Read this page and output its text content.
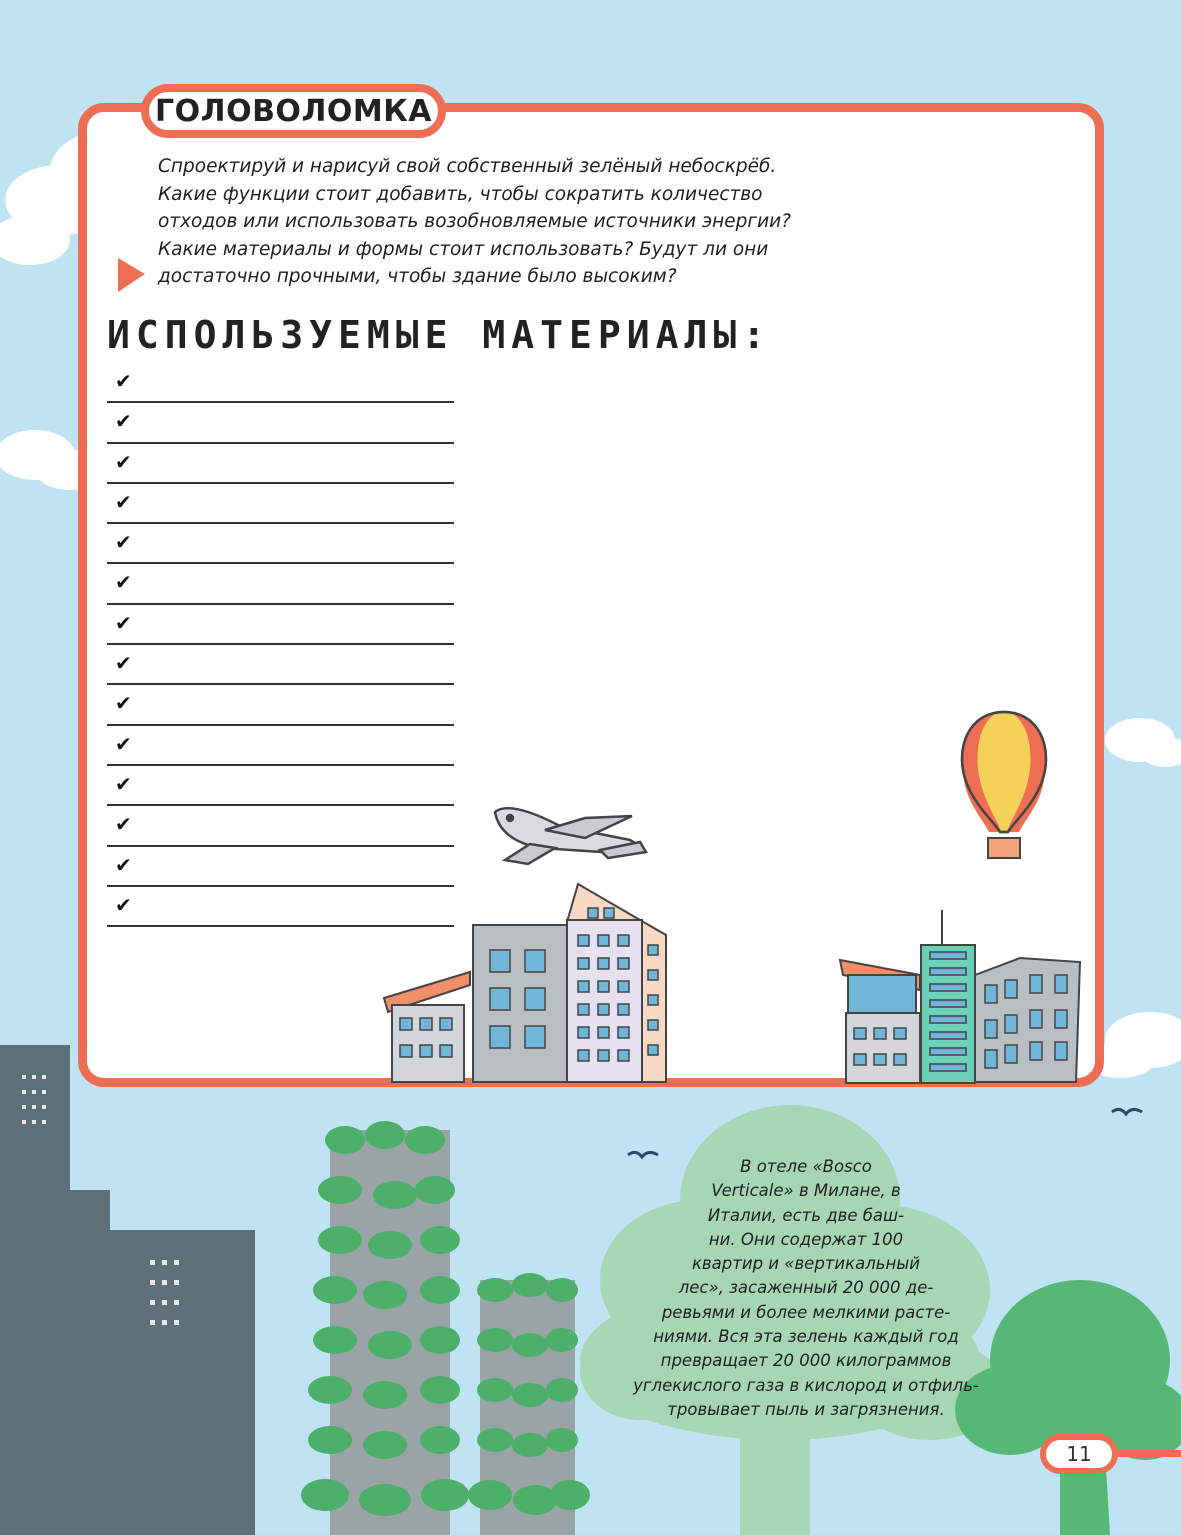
ГОЛОВОЛОМКА
Спроектируй и нарисуй свой собственный зелёный небоскрёб.
Какие функции стоит добавить, чтобы сократить количество
отходов или использовать возобновляемые источники энергии?
Какие материалы и формы стоит использовать? Будут ли они
достаточно прочными, чтобы здание было высоким?
ИСПОЛЬЗУЕМЫЕ МАТЕРИАЛЫ:
✔
✔
✔
✔
✔
✔
✔
✔
✔
✔
✔
✔
✔
✔
В отеле «Bosco
Verticale» в Милане, в
Италии, есть две баш-
ни. Они содержат 100
квартир и «вертикальный
лес», засаженный 20 000 де-
ревьями и более мелкими расте-
ниями. Вся эта зелень каждый год
превращает 20 000 килограммов
углекислого газа в кислород и отфиль-
тровывает пыль и загрязнения.
11
